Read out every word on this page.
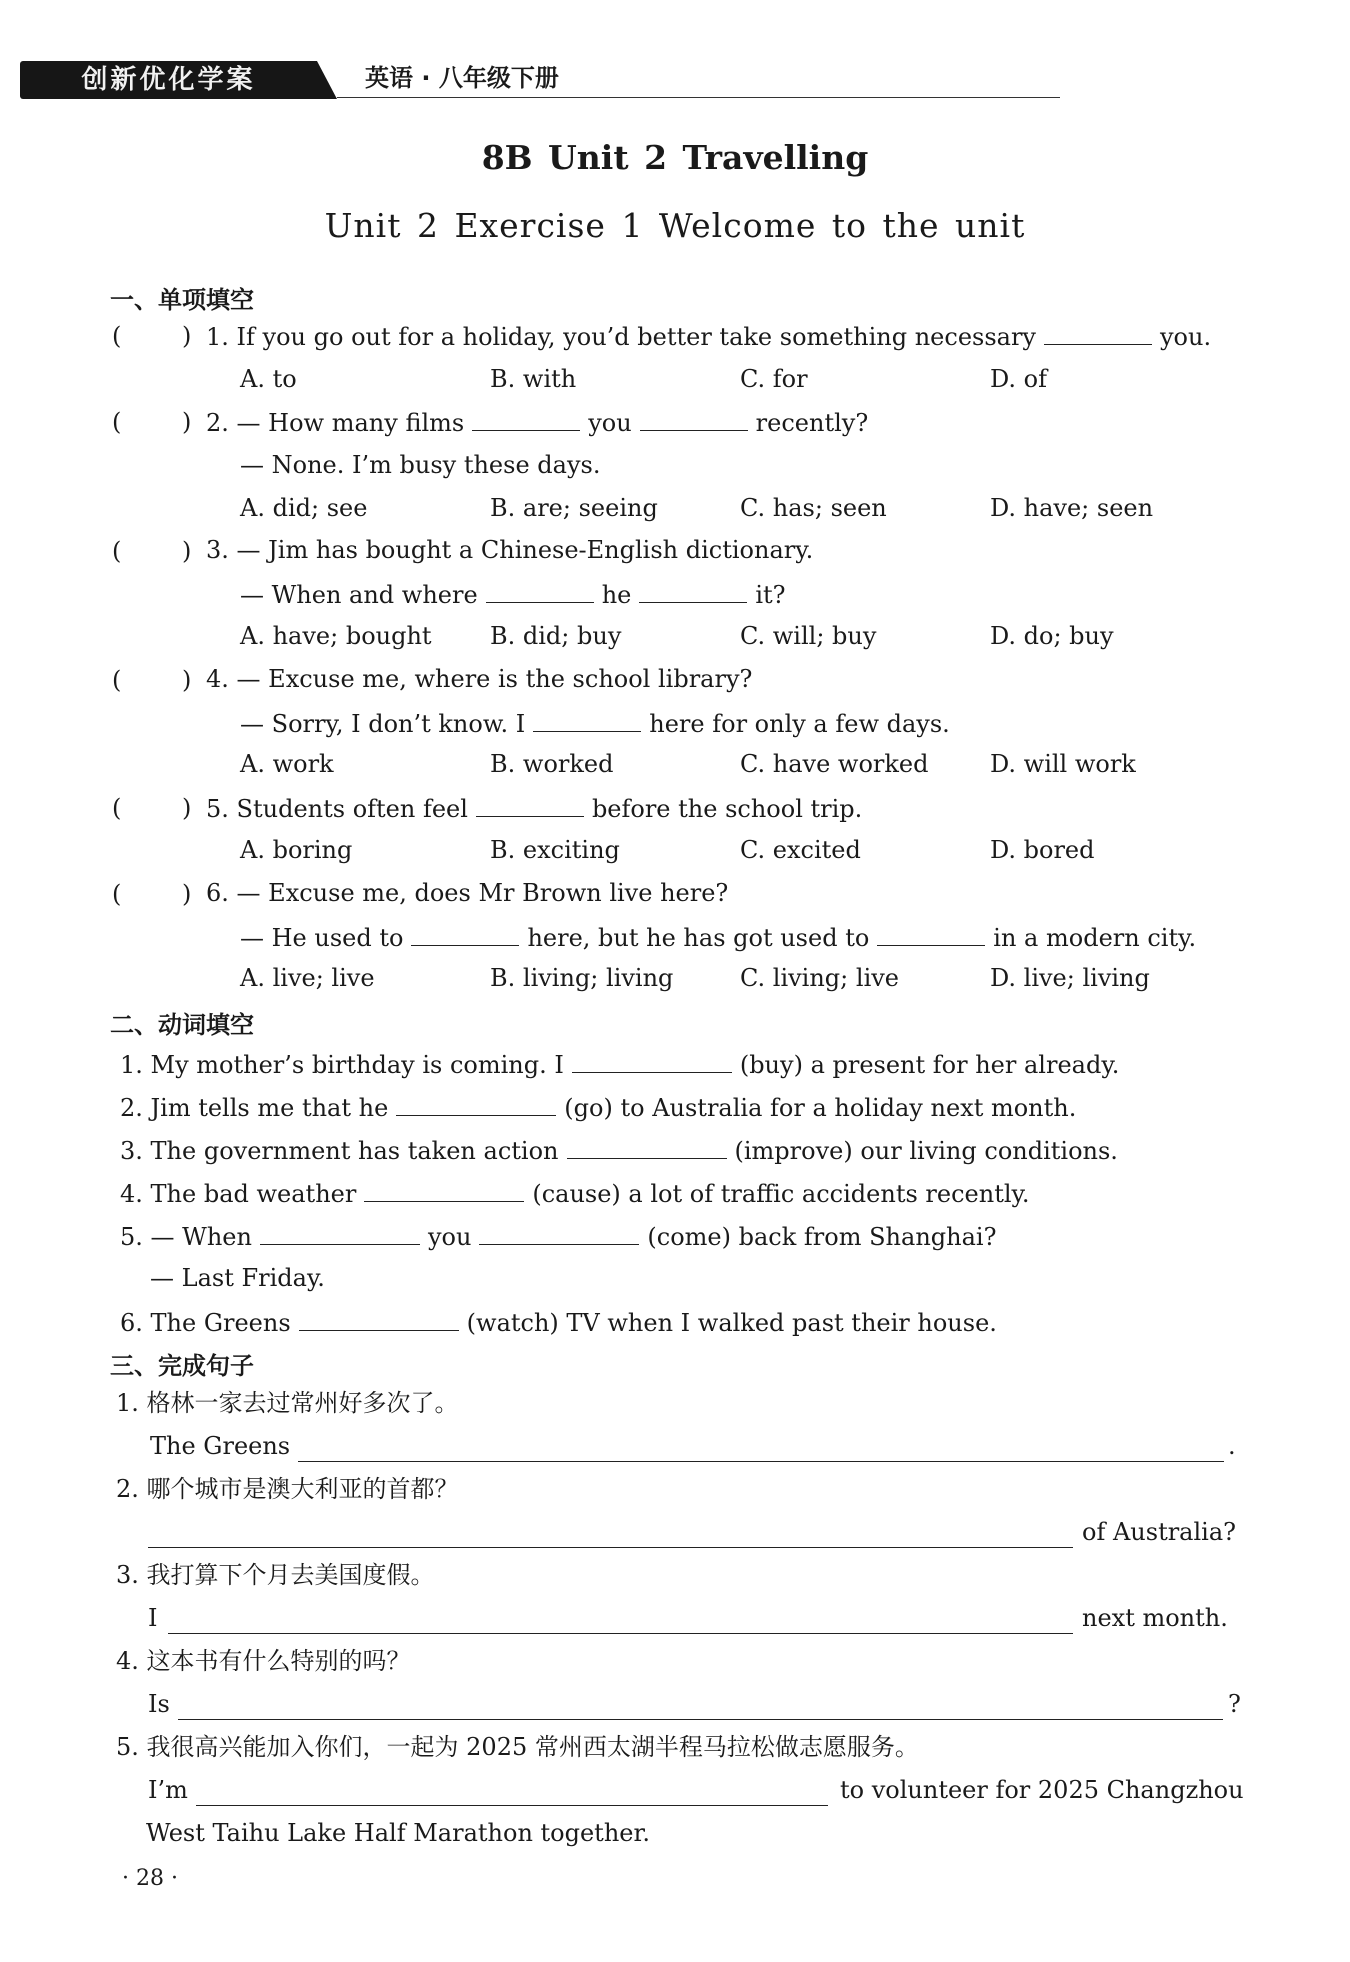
创新优化学案	英语 · 八年级下册
8B Unit 2 Travelling
Unit 2 Exercise 1 Welcome to the unit
一、单项填空
(	) 1. If you go out for a holiday, you’d better take something necessary	you.
A. to	B. with	C. for	D. of
(	) 2. — How many films	you	recently?
— None. I’m busy these days.
A. did; see	B. are; seeing	C. has; seen	D. have; seen
(	) 3. — Jim has bought a Chinese-English dictionary.
— When and where	he	it?
A. have; bought B. did; buy	C. will; buy	D. do; buy
(	) 4. — Excuse me, where is the school library?
— Sorry, I don’t know. I	here for only a few days.
A. work	B. worked	C. have worked	D. will work
(	) 5. Students often feel	before the school trip.
A. boring	B. exciting	C. excited	D. bored
(	) 6. — Excuse me, does Mr Brown live here?
— He used to	here, but he has got used to	in a modern city.
A. live; live	B. living; living	C. living; live	D. live; living
二、动词填空
1. My mother’s birthday is coming. I	(buy) a present for her already.
2. Jim tells me that he	(go) to Australia for a holiday next month.
3. The government has taken action	(improve) our living conditions.
4. The bad weather	(cause) a lot of traffic accidents recently.
5. — When	you	(come) back from Shanghai?
— Last Friday.
6. The Greens	(watch) TV when I walked past their house.
三、完成句子
1. 格林一家去过常州好多次了。
The Greens	.
2. 哪个城市是澳大利亚的首都？
of Australia?
3. 我打算下个月去美国度假。
I	next month.
4. 这本书有什么特别的吗？
Is	?
5. 我很高兴能加入你们，一起为 2025 常州西太湖半程马拉松做志愿服务。
I’m	to volunteer for 2025 Changzhou
West Taihu Lake Half Marathon together.
· 28 ·
